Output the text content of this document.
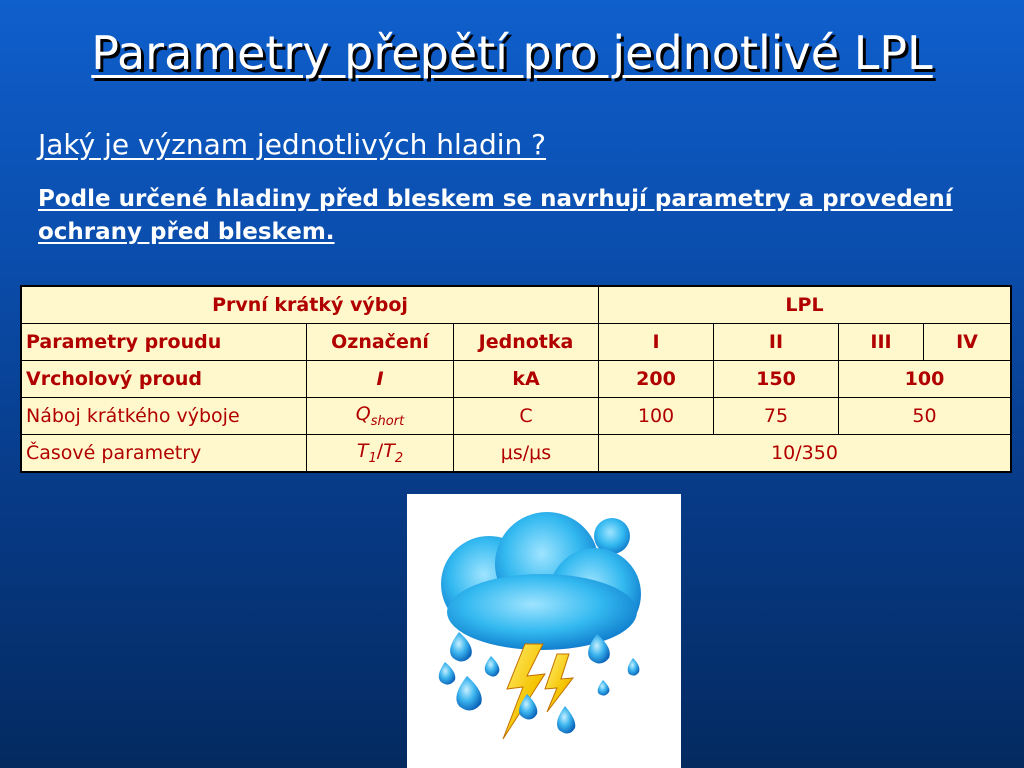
Parametry přepětí pro jednotlivé LPL
Jaký je význam jednotlivých hladin ?
Podle určené hladiny před bleskem se navrhují parametry a provedení ochrany před bleskem.
První krátký výboj			LPL			
Parametry proudu	Označení	Jednotka	I	II	III	IV
Vrcholový proud	I	kA	200	150	100	
Náboj krátkého výboje	$Q_{short}$	C	100	75	50	
Časové parametry	$T_1/T_2$	μs/μs	10/350			
